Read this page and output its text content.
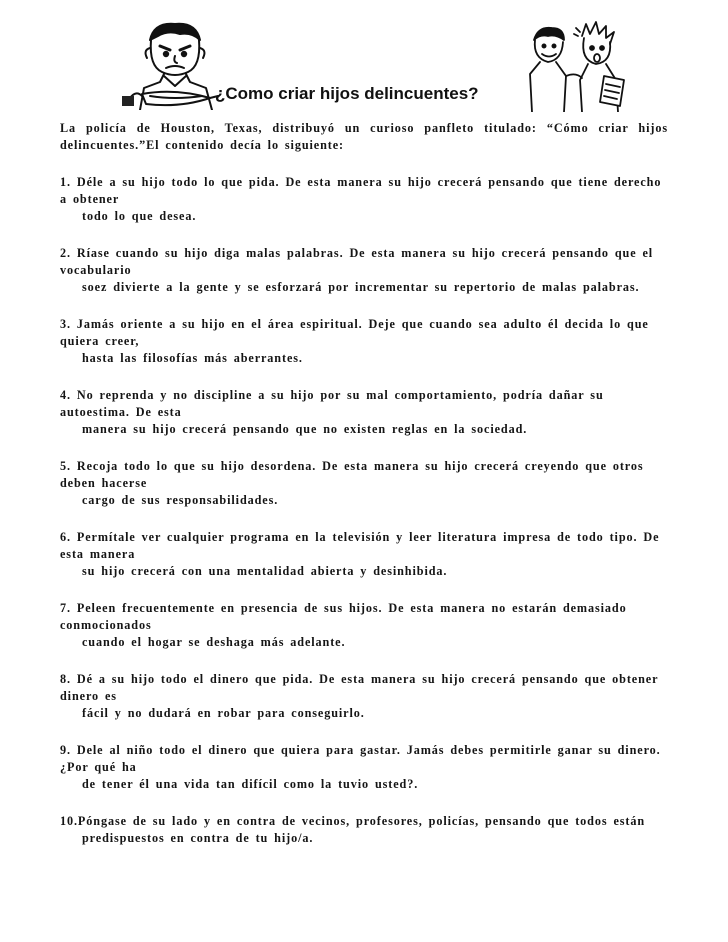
¿Como criar hijos delincuentes?

La policía de Houston, Texas, distribuyó un curioso panfleto titulado: “Cómo criar hijos delincuentes.”El contenido decía lo siguiente:

1. Déle a su hijo todo lo que pida. De esta manera su hijo crecerá pensando que tiene derecho a obtener

todo lo que desea.

2. Ríase cuando su hijo diga malas palabras. De esta manera su hijo crecerá pensando que el vocabulario

soez divierte a la gente y se esforzará por incrementar su repertorio de malas palabras.

3. Jamás oriente a su hijo en el área espiritual. Deje que cuando sea adulto él decida lo que quiera creer,

hasta las filosofías más aberrantes.

4. No reprenda y no discipline a su hijo por su mal comportamiento, podría dañar su autoestima. De esta

manera su hijo crecerá pensando que no existen reglas en la sociedad.

5. Recoja todo lo que su hijo desordena. De esta manera su hijo crecerá creyendo que otros deben hacerse

cargo de sus responsabilidades.

6. Permítale ver cualquier programa en la televisión y leer literatura impresa de todo tipo. De esta manera

su hijo crecerá con una mentalidad abierta y desinhibida.

7. Peleen frecuentemente en presencia de sus hijos. De esta manera no estarán demasiado conmocionados

cuando el hogar se deshaga más adelante.

8. Dé a su hijo todo el dinero que pida. De esta manera su hijo crecerá pensando que obtener dinero es

fácil y no dudará en robar para conseguirlo.

9. Dele al niño todo el dinero que quiera para gastar. Jamás debes permitirle ganar su dinero. ¿Por qué ha

de tener él una vida tan difícil como la tuvio usted?.

10.Póngase de su lado y en contra de vecinos, profesores, policías, pensando que todos están

predispuestos en contra de tu hijo/a.
